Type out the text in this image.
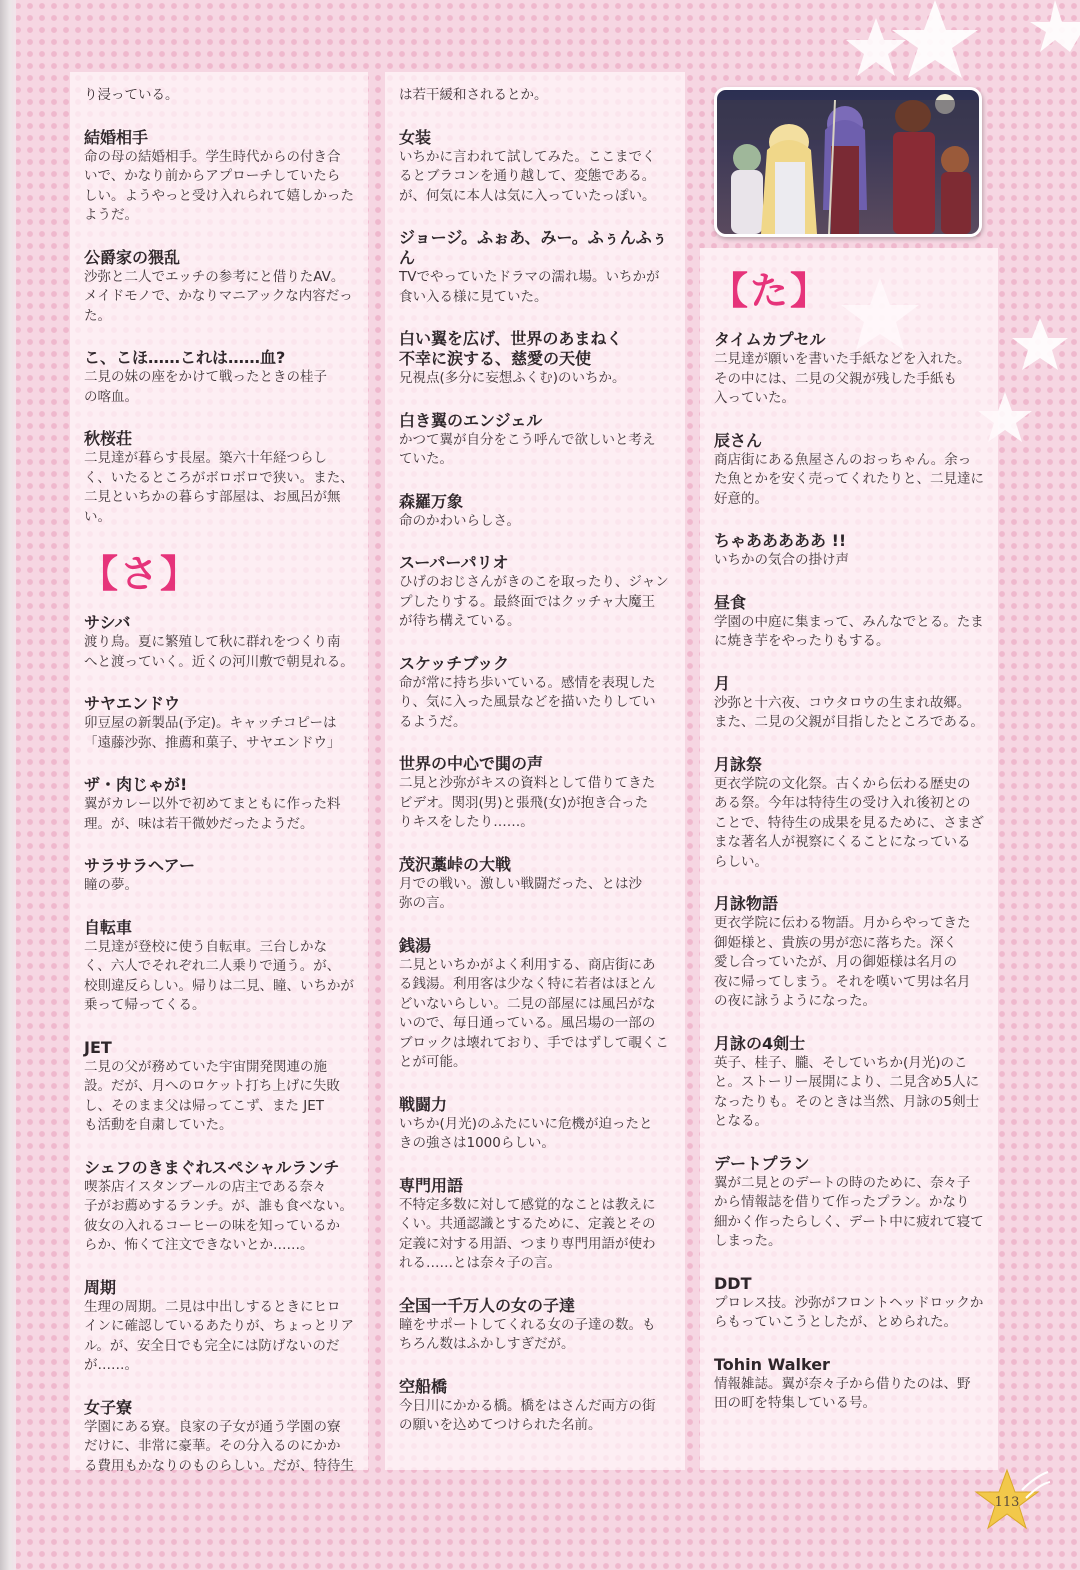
り浸っている。

結婚相手

命の母の結婚相手。学生時代からの付き合
いで、かなり前からアプローチしていたら
しい。ようやっと受け入れられて嬉しかった
ようだ。

公爵家の猥乱

沙弥と二人でエッチの参考にと借りたAV。
メイドモノで、かなりマニアックな内容だっ
た。

こ、こほ……これは……血?

二見の妹の座をかけて戦ったときの桂子
の喀血。

秋桜荘

二見達が暮らす長屋。築六十年経つらし
く、いたるところがボロボロで狭い。また、
二見といちかの暮らす部屋は、お風呂が無
い。

【さ】

サシバ

渡り鳥。夏に繁殖して秋に群れをつくり南
へと渡っていく。近くの河川敷で朝見れる。

サヤエンドウ

卯豆屋の新製品(予定)。キャッチコピーは
「遠藤沙弥、推薦和菓子、サヤエンドウ」

ザ・肉じゃが!

翼がカレー以外で初めてまともに作った料
理。が、味は若干微妙だったようだ。

サラサラヘアー

瞳の夢。

自転車

二見達が登校に使う自転車。三台しかな
く、六人でそれぞれ二人乗りで通う。が、
校則違反らしい。帰りは二見、瞳、いちかが
乗って帰ってくる。

JET

二見の父が務めていた宇宙開発関連の施
設。だが、月へのロケット打ち上げに失敗
し、そのまま父は帰ってこず、また JET
も活動を自粛していた。

シェフのきまぐれスペシャルランチ

喫茶店イスタンブールの店主である奈々
子がお薦めするランチ。が、誰も食べない。
彼女の入れるコーヒーの味を知っているか
らか、怖くて注文できないとか……。

周期

生理の周期。二見は中出しするときにヒロ
インに確認しているあたりが、ちょっとリア
ル。が、安全日でも完全には防げないのだ
が……。

女子寮

学園にある寮。良家の子女が通う学園の寮
だけに、非常に豪華。その分入るのにかか
る費用もかなりのものらしい。だが、特待生

は若干緩和されるとか。

女装

いちかに言われて試してみた。ここまでく
るとブラコンを通り越して、変態である。
が、何気に本人は気に入っていたっぽい。

ジョージ。ふぉあ、みー。ふぅんふぅん

TVでやっていたドラマの濡れ場。いちかが
食い入る様に見ていた。

白い翼を広げ、世界のあまねく
不幸に涙する、慈愛の天使

兄視点(多分に妄想ふくむ)のいちか。

白き翼のエンジェル

かつて翼が自分をこう呼んで欲しいと考え
ていた。

森羅万象

命のかわいらしさ。

スーパーパリオ

ひげのおじさんがきのこを取ったり、ジャン
プしたりする。最終面ではクッチャ大魔王
が待ち構えている。

スケッチブック

命が常に持ち歩いている。感情を表現した
り、気に入った風景などを描いたりしてい
るようだ。

世界の中心で閧の声

二見と沙弥がキスの資料として借りてきた
ビデオ。関羽(男)と張飛(女)が抱き合った
りキスをしたり……。

茂沢藁峠の大戦

月での戦い。激しい戦闘だった、とは沙
弥の言。

銭湯

二見といちかがよく利用する、商店街にあ
る銭湯。利用客は少なく特に若者はほとん
どいないらしい。二見の部屋には風呂がな
いので、毎日通っている。風呂場の一部の
ブロックは壊れており、手ではずして覗くこ
とが可能。

戦闘力

いちか(月光)のふたにいに危機が迫ったと
きの強さは1000らしい。

専門用語

不特定多数に対して感覚的なことは教えに
くい。共通認識とするために、定義とその
定義に対する用語、つまり専門用語が使わ
れる……とは奈々子の言。

全国一千万人の女の子達

瞳をサポートしてくれる女の子達の数。も
ちろん数はふかしすぎだが。

空船橋

今日川にかかる橋。橋をはさんだ両方の街
の願いを込めてつけられた名前。

【た】

タイムカプセル

二見達が願いを書いた手紙などを入れた。
その中には、二見の父親が残した手紙も
入っていた。

辰さん

商店街にある魚屋さんのおっちゃん。余っ
た魚とかを安く売ってくれたりと、二見達に
好意的。

ちゃあああああ !!

いちかの気合の掛け声

昼食

学園の中庭に集まって、みんなでとる。たま
に焼き芋をやったりもする。

月

沙弥と十六夜、コウタロウの生まれ故郷。
また、二見の父親が目指したところである。

月詠祭

更衣学院の文化祭。古くから伝わる歴史の
ある祭。今年は特待生の受け入れ後初との
ことで、特待生の成果を見るために、さまざ
まな著名人が視察にくることになっている
らしい。

月詠物語

更衣学院に伝わる物語。月からやってきた
御姫様と、貴族の男が恋に落ちた。深く
愛し合っていたが、月の御姫様は名月の
夜に帰ってしまう。それを嘆いて男は名月
の夜に詠うようになった。

月詠の4剣士

英子、桂子、朧、そしていちか(月光)のこ
と。ストーリー展開により、二見含め5人に
なったりも。そのときは当然、月詠の5剣士
となる。

デートプラン

翼が二見とのデートの時のために、奈々子
から情報誌を借りて作ったプラン。かなり
細かく作ったらしく、デート中に疲れて寝て
しまった。

DDT

プロレス技。沙弥がフロントヘッドロックか
らもっていこうとしたが、とめられた。

Tohin Walker

情報雑誌。翼が奈々子から借りたのは、野
田の町を特集している号。

113
